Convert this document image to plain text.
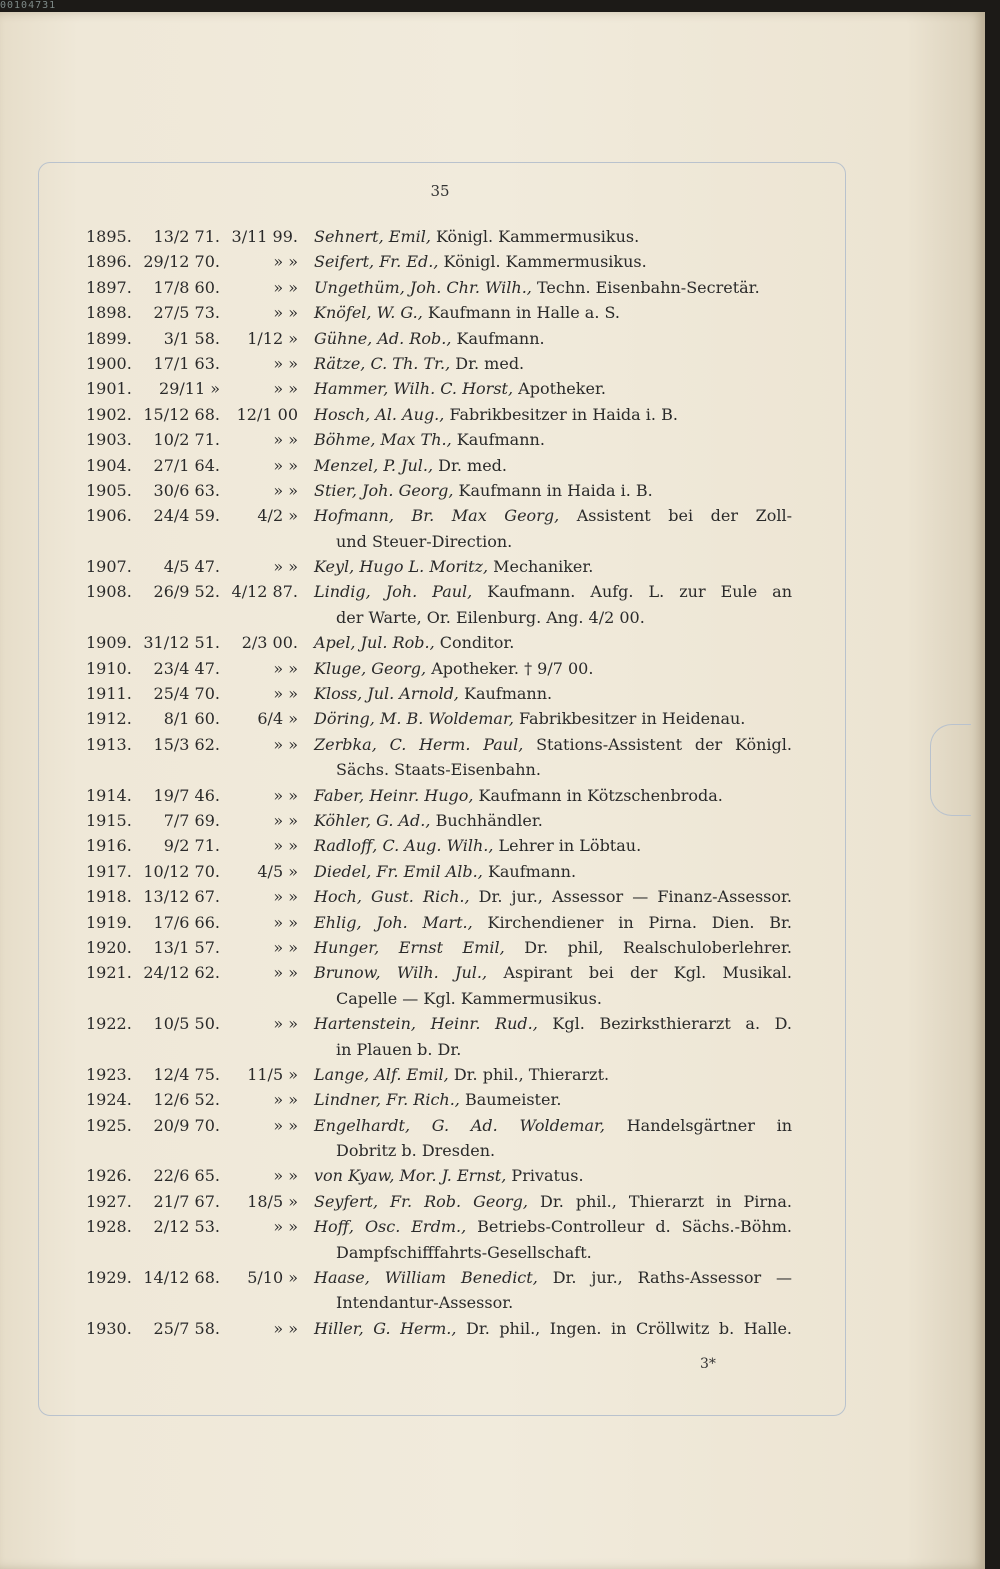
00104731
35
1895.	13/2 71. 3/11 99. Sehnert, Emil, Königl. Kammermusikus.
1896. 29/12 70.	» » Seifert, Fr. Ed., Königl. Kammermusikus.
1897.	17/8 60.	» » Ungethüm, Joh. Chr. Wilh., Techn. Eisenbahn-Secretär.
1898.	27/5 73.	» » Knöfel, W. G., Kaufmann in Halle a. S.
1899.	3/1 58.	1/12 » Gühne, Ad. Rob., Kaufmann.
1900.	17/1 63.	» » Rätze, C. Th. Tr., Dr. med.
1901.	29/11 »	» » Hammer, Wilh. C. Horst, Apotheker.
1902. 15/12 68.	12/1 00 Hosch, Al. Aug., Fabrikbesitzer in Haida i. B.
1903.	10/2 71.	» » Böhme, Max Th., Kaufmann.
1904.	27/1 64.	» » Menzel, P. Jul., Dr. med.
1905.	30/6 63.	» » Stier, Joh. Georg, Kaufmann in Haida i. B.
1906.	24/4 59.	4/2 » Hofmann, Br. Max Georg, Assistent bei der Zoll-
und Steuer-Direction.
1907.	4/5 47.	» » Keyl, Hugo L. Moritz, Mechaniker.
1908.	26/9 52. 4/12 87. Lindig, Joh. Paul, Kaufmann. Aufg. L. zur Eule an
der Warte, Or. Eilenburg. Ang. 4/2 00.
1909. 31/12 51.	2/3 00. Apel, Jul. Rob., Conditor.
1910.	23/4 47.	» » Kluge, Georg, Apotheker. † 9/7 00.
1911.	25/4 70.	» » Kloss, Jul. Arnold, Kaufmann.
1912.	8/1 60.	6/4 » Döring, M. B. Woldemar, Fabrikbesitzer in Heidenau.
1913.	15/3 62.	» » Zerbka, C. Herm. Paul, Stations-Assistent der Königl.
Sächs. Staats-Eisenbahn.
1914.	19/7 46.	» » Faber, Heinr. Hugo, Kaufmann in Kötzschenbroda.
1915.	7/7 69.	» » Köhler, G. Ad., Buchhändler.
1916.	9/2 71.	» » Radloff, C. Aug. Wilh., Lehrer in Löbtau.
1917. 10/12 70.	4/5 » Diedel, Fr. Emil Alb., Kaufmann.
1918. 13/12 67.	» » Hoch, Gust. Rich., Dr. jur., Assessor — Finanz-Assessor.
1919.	17/6 66.	» » Ehlig, Joh. Mart., Kirchendiener in Pirna. Dien. Br.
1920.	13/1 57.	» » Hunger, Ernst Emil, Dr. phil, Realschuloberlehrer.
1921. 24/12 62.	» » Brunow, Wilh. Jul., Aspirant bei der Kgl. Musikal.
Capelle — Kgl. Kammermusikus.
1922.	10/5 50.	» » Hartenstein, Heinr. Rud., Kgl. Bezirksthierarzt a. D.
in Plauen b. Dr.
1923.	12/4 75.	11/5 » Lange, Alf. Emil, Dr. phil., Thierarzt.
1924.	12/6 52.	» » Lindner, Fr. Rich., Baumeister.
1925.	20/9 70.	» » Engelhardt, G. Ad. Woldemar, Handelsgärtner in
Dobritz b. Dresden.
1926.	22/6 65.	» » von Kyaw, Mor. J. Ernst, Privatus.
1927.	21/7 67.	18/5 » Seyfert, Fr. Rob. Georg, Dr. phil., Thierarzt in Pirna.
1928.	2/12 53.	» » Hoff, Osc. Erdm., Betriebs-Controlleur d. Sächs.-Böhm.
Dampfschifffahrts-Gesellschaft.
1929. 14/12 68.	5/10 » Haase, William Benedict, Dr. jur., Raths-Assessor —
Intendantur-Assessor.
1930.	25/7 58.	» » Hiller, G. Herm., Dr. phil., Ingen. in Cröllwitz b. Halle.
3*
